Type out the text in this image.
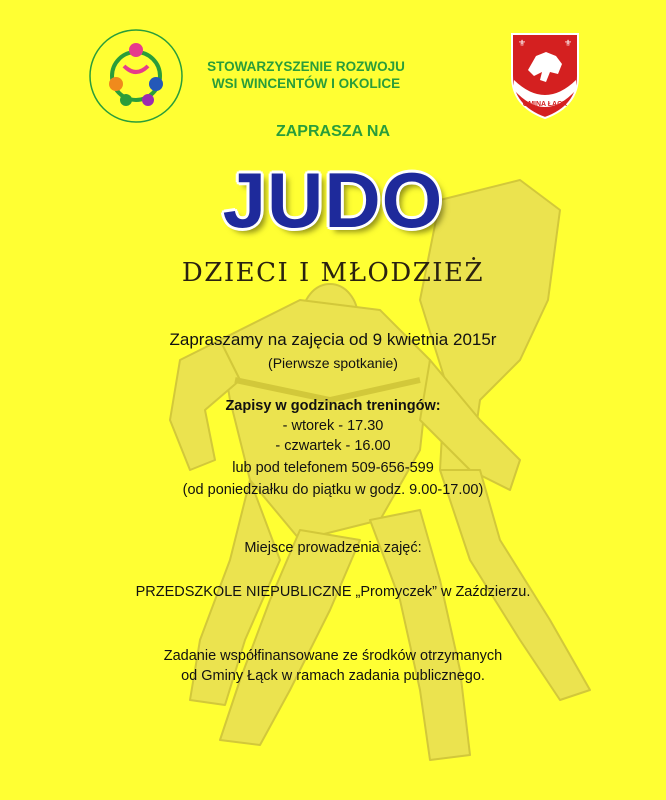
STOWARZYSZENIE ROZWOJU
WSI WINCENTÓW I OKOLICE
⚜	⚜
GMINA ŁĄCK
ZAPRASZA NA
JUDO
DZIECI I MŁODZIEŻ
Zapraszamy na zajęcia od 9 kwietnia 2015r
(Pierwsze spotkanie)
Zapisy w godzinach treningów:
- wtorek - 17.30
- czwartek - 16.00
lub pod telefonem 509-656-599
(od poniedziałku do piątku w godz. 9.00-17.00)
Miejsce prowadzenia zajęć:
PRZEDSZKOLE NIEPUBLICZNE „Promyczek” w Zaździerzu.
Zadanie współfinansowane ze środków otrzymanych
od Gminy Łąck w ramach zadania publicznego.
